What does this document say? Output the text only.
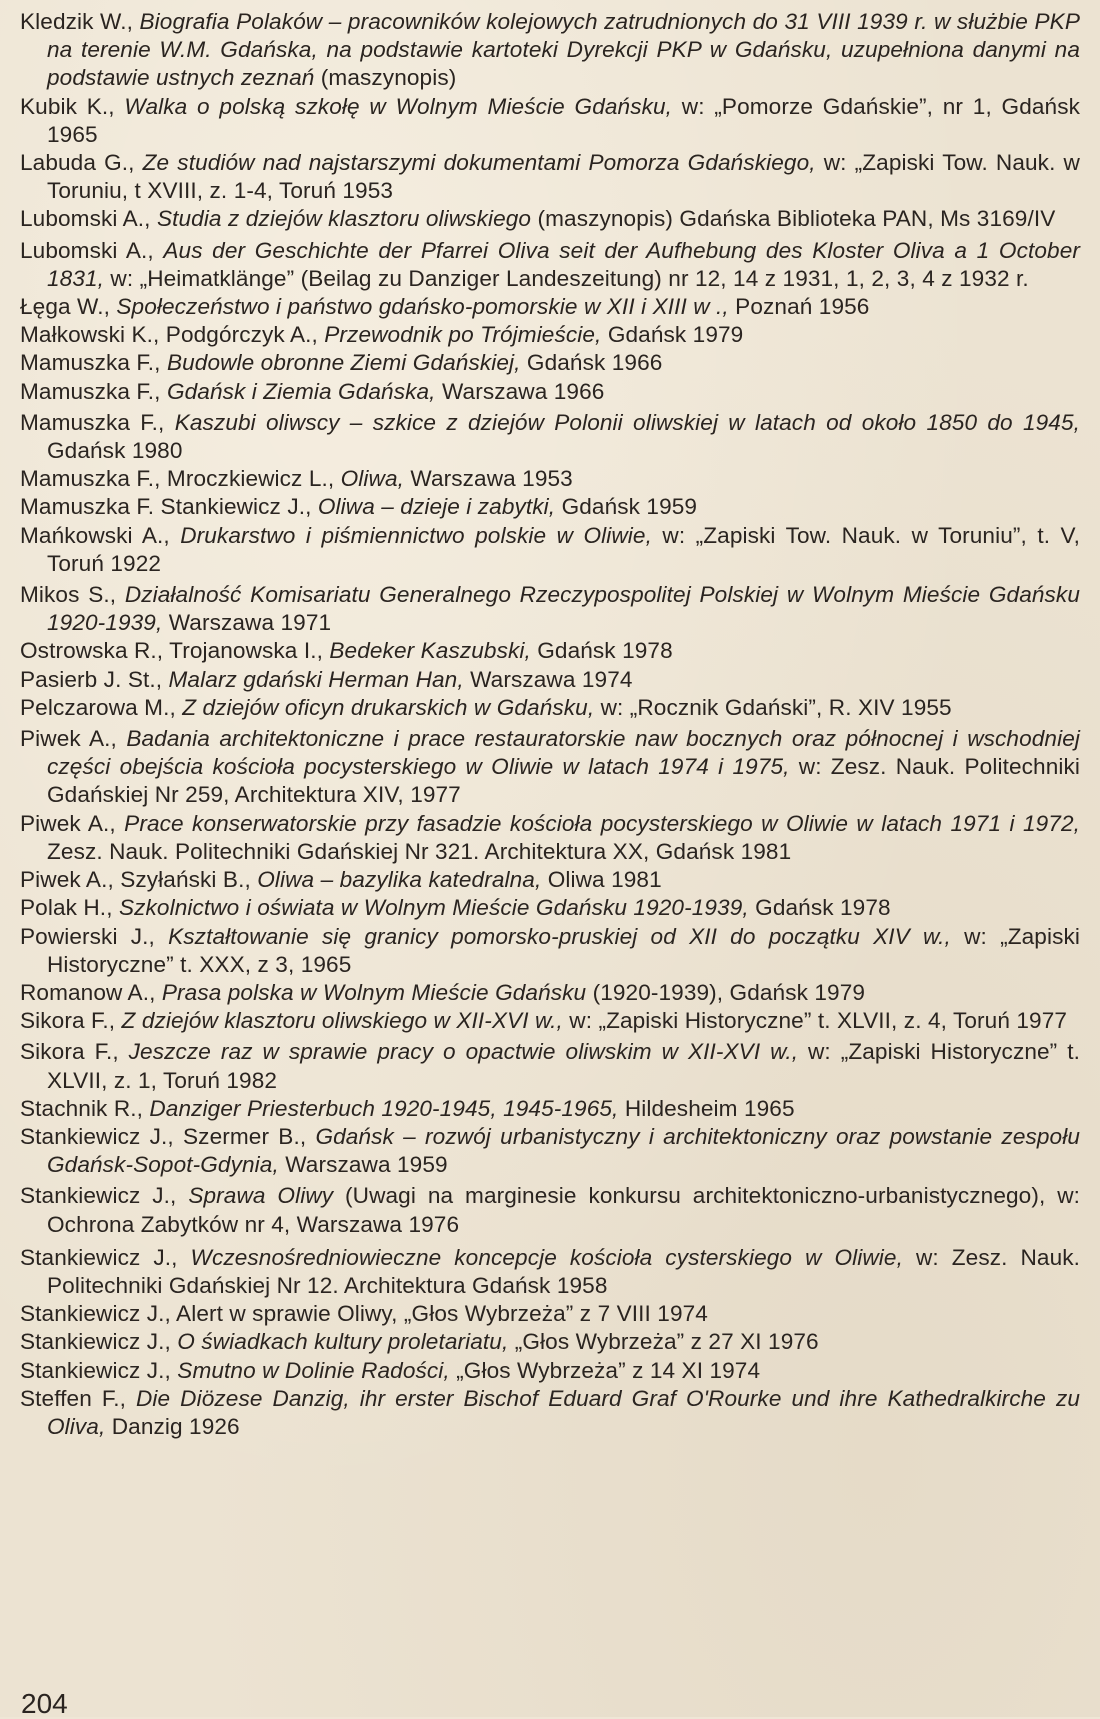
Kledzik W., Biografia Polaków – pracowników kolejowych zatrudnionych do 31 VIII 1939 r. w służbie PKP na terenie W.M. Gdańska, na podstawie kartoteki Dyrekcji PKP w Gdańsku, uzupełniona danymi na podstawie ustnych zeznań (maszynopis)
Kubik K., Walka o polską szkołę w Wolnym Mieście Gdańsku, w: „Pomorze Gdańskie”, nr 1, Gdańsk 1965
Labuda G., Ze studiów nad najstarszymi dokumentami Pomorza Gdańskiego, w: „Zapiski Tow. Nauk. w Toruniu, t XVIII, z. 1-4, Toruń 1953
Lubomski A., Studia z dziejów klasztoru oliwskiego (maszynopis) Gdańska Biblioteka PAN, Ms 3169/IV
Lubomski A., Aus der Geschichte der Pfarrei Oliva seit der Aufhebung des Kloster Oliva a 1 October 1831, w: „Heimatklänge” (Beilag zu Danziger Landeszeitung) nr 12, 14 z 1931, 1, 2, 3, 4 z 1932 r.
Łęga W., Społeczeństwo i państwo gdańsko-pomorskie w XII i XIII w ., Poznań 1956
Małkowski K., Podgórczyk A., Przewodnik po Trójmieście, Gdańsk 1979
Mamuszka F., Budowle obronne Ziemi Gdańskiej, Gdańsk 1966
Mamuszka F., Gdańsk i Ziemia Gdańska, Warszawa 1966
Mamuszka F., Kaszubi oliwscy – szkice z dziejów Polonii oliwskiej w latach od około 1850 do 1945, Gdańsk 1980
Mamuszka F., Mroczkiewicz L., Oliwa, Warszawa 1953
Mamuszka F. Stankiewicz J., Oliwa – dzieje i zabytki, Gdańsk 1959
Mańkowski A., Drukarstwo i piśmiennictwo polskie w Oliwie, w: „Zapiski Tow. Nauk. w Toruniu”, t. V, Toruń 1922
Mikos S., Działalność Komisariatu Generalnego Rzeczypospolitej Polskiej w Wolnym Mieście Gdańsku 1920-1939, Warszawa 1971
Ostrowska R., Trojanowska I., Bedeker Kaszubski, Gdańsk 1978
Pasierb J. St., Malarz gdański Herman Han, Warszawa 1974
Pelczarowa M., Z dziejów oficyn drukarskich w Gdańsku, w: „Rocznik Gdański”, R. XIV 1955
Piwek A., Badania architektoniczne i prace restauratorskie naw bocznych oraz północnej i wschodniej części obejścia kościoła pocysterskiego w Oliwie w latach 1974 i 1975, w: Zesz. Nauk. Politechniki Gdańskiej Nr 259, Architektura XIV, 1977
Piwek A., Prace konserwatorskie przy fasadzie kościoła pocysterskiego w Oliwie w latach 1971 i 1972, Zesz. Nauk. Politechniki Gdańskiej Nr 321. Architektura XX, Gdańsk 1981
Piwek A., Szyłański B., Oliwa – bazylika katedralna, Oliwa 1981
Polak H., Szkolnictwo i oświata w Wolnym Mieście Gdańsku 1920-1939, Gdańsk 1978
Powierski J., Kształtowanie się granicy pomorsko-pruskiej od XII do początku XIV w., w: „Zapiski Historyczne” t. XXX, z 3, 1965
Romanow A., Prasa polska w Wolnym Mieście Gdańsku (1920-1939), Gdańsk 1979
Sikora F., Z dziejów klasztoru oliwskiego w XII-XVI w., w: „Zapiski Historyczne” t. XLVII, z. 4, Toruń 1977
Sikora F., Jeszcze raz w sprawie pracy o opactwie oliwskim w XII-XVI w., w: „Zapiski Historyczne” t. XLVII, z. 1, Toruń 1982
Stachnik R., Danziger Priesterbuch 1920-1945, 1945-1965, Hildesheim 1965
Stankiewicz J., Szermer B., Gdańsk – rozwój urbanistyczny i architektoniczny oraz powstanie zespołu Gdańsk-Sopot-Gdynia, Warszawa 1959
Stankiewicz J., Sprawa Oliwy (Uwagi na marginesie konkursu architektoniczno-urbanistycznego), w: Ochrona Zabytków nr 4, Warszawa 1976
Stankiewicz J., Wczesnośredniowieczne koncepcje kościoła cysterskiego w Oliwie, w: Zesz. Nauk. Politechniki Gdańskiej Nr 12. Architektura Gdańsk 1958
Stankiewicz J., Alert w sprawie Oliwy, „Głos Wybrzeża” z 7 VIII 1974
Stankiewicz J., O świadkach kultury proletariatu, „Głos Wybrzeża” z 27 XI 1976
Stankiewicz J., Smutno w Dolinie Radości, „Głos Wybrzeża” z 14 XI 1974
Steffen F., Die Diözese Danzig, ihr erster Bischof Eduard Graf O'Rourke und ihre Kathedralkirche zu Oliva, Danzig 1926

204
